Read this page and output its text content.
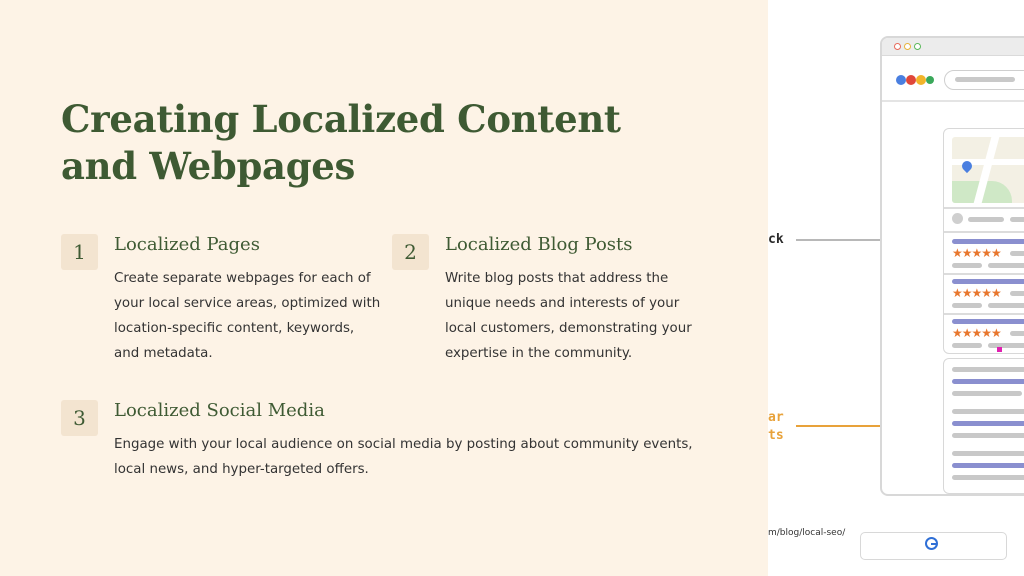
Creating Localized Content and Webpages
1	Localized Pages

Create separate webpages for each of your local service areas, optimized with location-specific content, keywords, and metadata.

2	Localized Blog Posts

Write blog posts that address the unique needs and interests of your local customers, demonstrating your expertise in the community.

3	Localized Social Media

Engage with your local audience on social media by posting about community events, local news, and hyper-targeted offers.

ck
ar
ts
★★★★★
★★★★★
★★★★★
m/blog/local-seo/
